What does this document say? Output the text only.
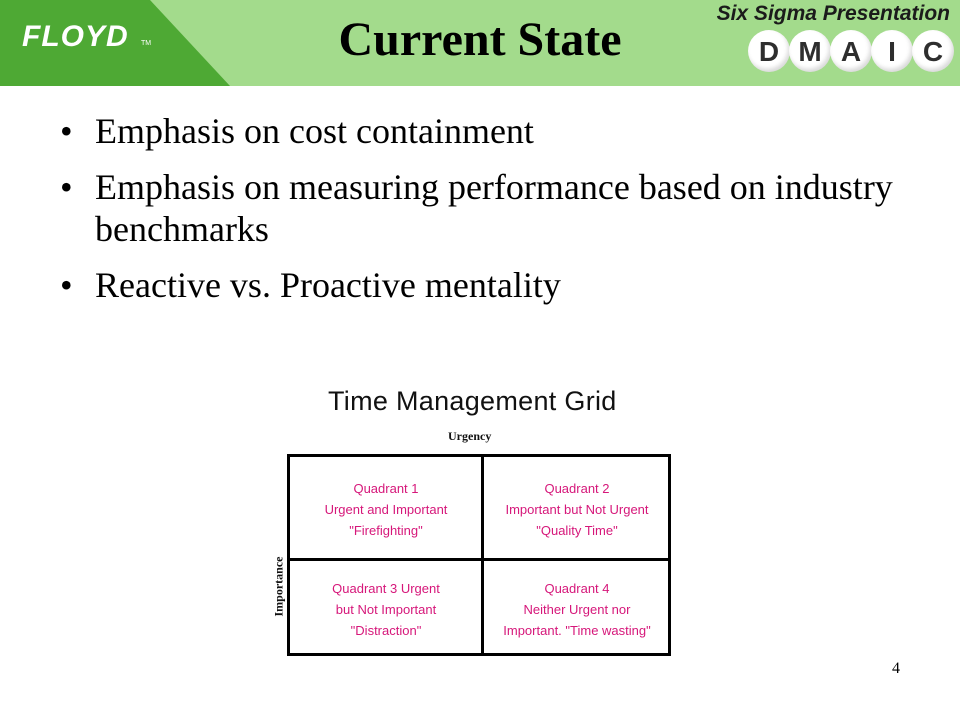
FLOYD TM	Current State	Six Sigma Presentation
D M A I C
• Emphasis on cost containment
• Emphasis on measuring performance based on industry benchmarks
• Reactive vs. Proactive mentality
Time Management Grid
Urgency
Importance
Quadrant 1
Urgent and Important
"Firefighting"
Quadrant 2
Important but Not Urgent
"Quality Time"
Quadrant 3 Urgent
but Not Important
"Distraction"
Quadrant 4
Neither Urgent nor
Important. "Time wasting"
4
